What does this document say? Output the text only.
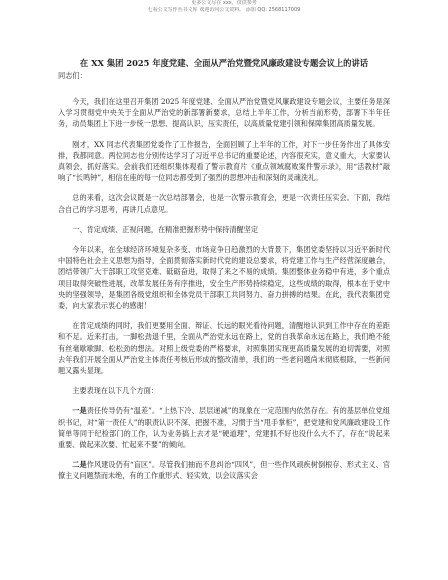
更多公文尽在 xxx，仅供参考
七看公文写作丛书文库 欢迎访问公文资料。 添加 QQ: 2568117009
在 XX 集团 2025 年度党建、全面从严治党暨党风廉政建设专题会议上的讲话
同志们：

今天，我们在这里召开集团 2025 年度党建、全面从严治党暨党风廉政建设专题会议，主要任务是深入学习贯彻党中央关于全面从严治党的新部署新要求，总结上半年工作，分析当前形势，部署下半年任务，动员集团上下进一步统一思想、提高认识，压实责任，以高质量党建引领和保障集团高质量发展。

刚才，XX 同志代表集团党委作了工作报告，全面回顾了上半年的工作，对下一步任务作出了具体安排，我都同意。两位同志也分别传达学习了习近平总书记的重要论述，内容很充实，意义重大，大家要认真领会，抓好落实。会前我们还组织集体观看了警示教育片《重点领域腐败案件警示录》，用“活教材”敲响了“长鸣钟”，相信在座的每一位同志都受到了强烈的思想冲击和深刻的灵魂洗礼。

总的来看，这次会议既是一次总结部署会，也是一次警示教育会，更是一次责任压实会。下面，我结合自己的学习思考，再讲几点意见。

一、肯定成绩、正视问题，在精准把握形势中保持清醒坚定

今年以来，在全球经济环境复杂多变、市场竞争日趋激烈的大背景下，集团党委坚持以习近平新时代中国特色社会主义思想为指导，全面贯彻落实新时代党的建设总要求，将党建工作与生产经营深度融合，团结带领广大干部职工攻坚克难、砥砺奋进，取得了来之不易的成绩。集团整体业务稳中有进，多个重点项目取得突破性进展，改革发展任务有序推进，安全生产形势持续稳定，这些成绩的取得，根本在于党中央的坚强领导，是集团各级党组织和全体党员干部职工共同努力、奋力拼搏的结果。在此，我代表集团党委，向大家表示衷心的感谢！

在肯定成绩的同时，我们更要用全面、辩证、长远的眼光看待问题，清醒地认识到工作中存在的差距和不足。近来打击，一脚松劲退千里，全面从严治党永远在路上，党的自我革命永远在路上，我们绝不能有丝毫歇歇脚、松松劲的想法。对照上级党委的严格要求，对照集团实现更高质量发展的迫切需要，对照去年我们开展全面从严治党主体责任考核后形成的整改清单，我们的一些老问题尚未彻底根除，一些新问题又露头显现。

主要表现在以下几个方面：

一是责任传导仍有“温差”。“上热下冷、层层递减”的现象在一定范围内依然存在。有的基层单位党组织书记，对“第一责任人”的职责认识不深、把握不准，习惯于当“甩手掌柜”，把党建和党风廉政建设工作简单等同于纪检部门的工作，认为业务搞上去才是“硬道理”，党建抓不好也没什么大不了，存在“说起来重要、做起来次要、忙起来不要”的倾向。

二是作风建设仍有“盲区”。尽管我们抽而不息纠治“四风”，但一些作风顽疾树倒根存、形式主义、官僚主义问题禁而未绝，有的工作重形式、轻实效，以会议落实会
